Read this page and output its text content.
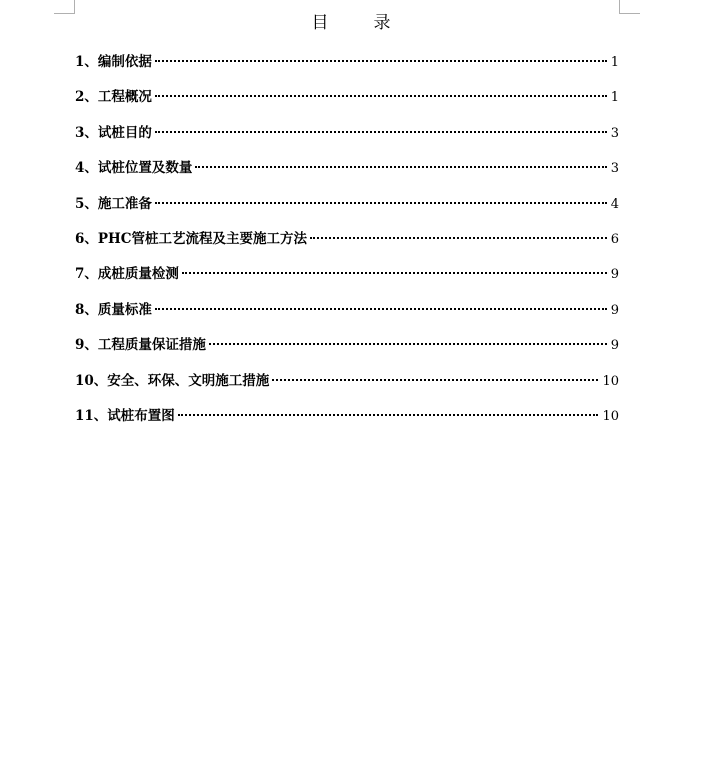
目　录
1、编制依据	1
2、工程概况	1
3、试桩目的	3
4、试桩位置及数量	3
5、施工准备	4
6、PHC管桩工艺流程及主要施工方法	6
7、成桩质量检测	9
8、质量标准	9
9、工程质量保证措施	9
10、安全、环保、文明施工措施	10
11、试桩布置图	10
